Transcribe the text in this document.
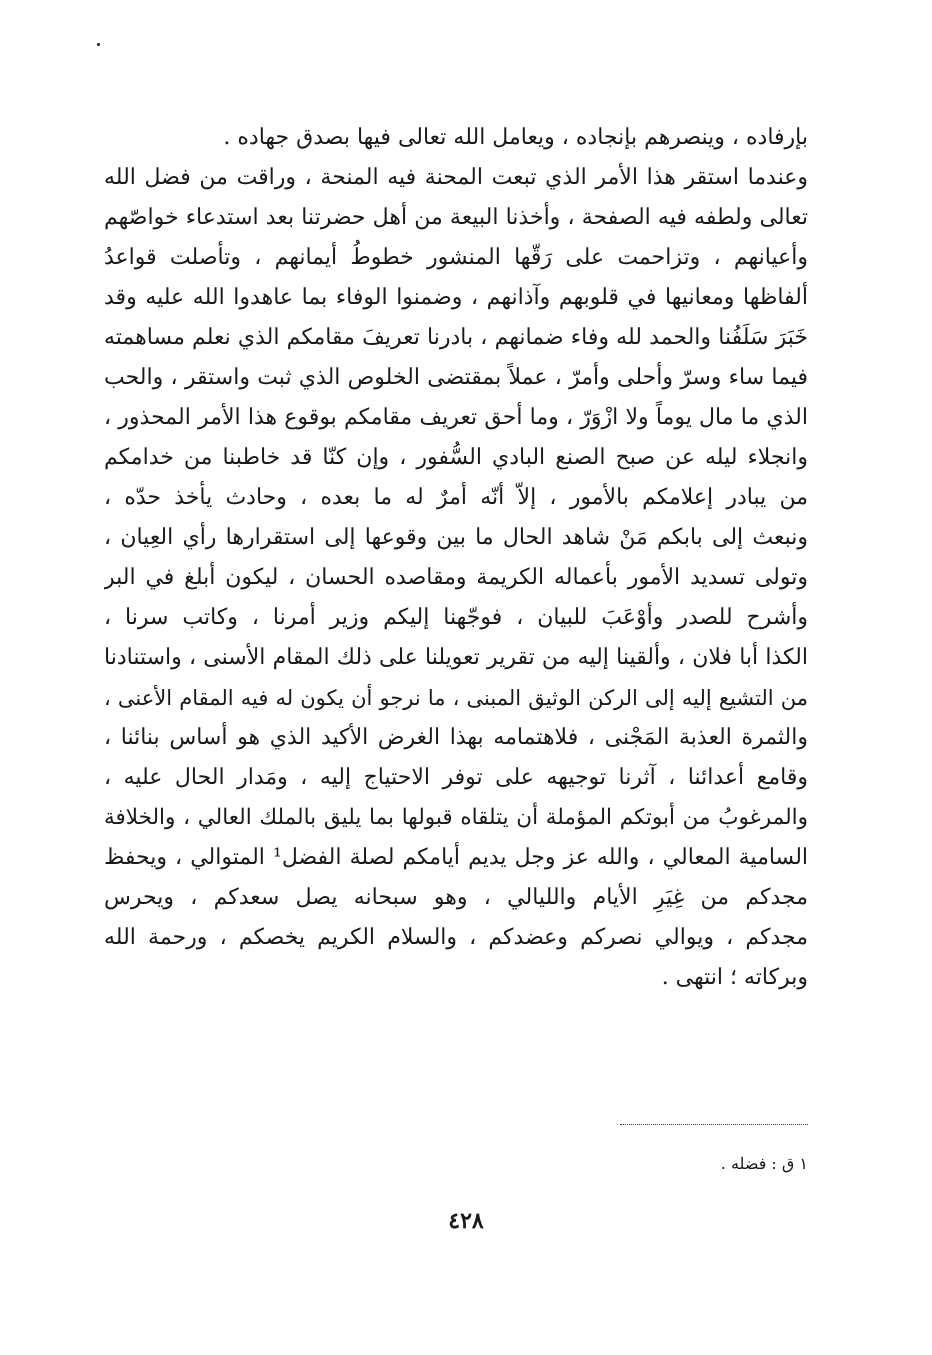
بإرفاده ، وينصرهم بإنجاده ، ويعامل الله تعالى فيها بصدق جهاده .
وعندما استقر هذا الأمر الذي تبعت المحنة فيه المنحة ، وراقت من فضل الله
تعالى ولطفه فيه الصفحة ، وأخذنا البيعة من أهل حضرتنا بعد استدعاء خواصّهم
وأعيانهم ، وتزاحمت على رَقّها المنشور خطوطُ أيمانهم ، وتأصلت قواعدُ
ألفاظها ومعانيها في قلوبهم وآذانهم ، وضمنوا الوفاء بما عاهدوا الله عليه وقد
خَبَرَ سَلَفُنا والحمد لله وفاء ضمانهم ، بادرنا تعريفَ مقامكم الذي نعلم مساهمته
فيما ساء وسرّ وأحلى وأمرّ ، عملاً بمقتضى الخلوص الذي ثبت واستقر ، والحب
الذي ما مال يوماً ولا ازْوَرّ ، وما أحق تعريف مقامكم بوقوع هذا الأمر المحذور ،
وانجلاء ليله عن صبح الصنع البادي السُّفور ، وإن كنّا قد خاطبنا من خدامكم
من يبادر إعلامكم بالأمور ، إلاّ أنّه أمرٌ له ما بعده ، وحادث يأخذ حدّه ،
ونبعث إلى بابكم مَنْ شاهد الحال ما بين وقوعها إلى استقرارها رأي العِيان ،
وتولى تسديد الأمور بأعماله الكريمة ومقاصده الحسان ، ليكون أبلغ في البر
وأشرح للصدر وأوْعَبَ للبيان ، فوجّهنا إليكم وزير أمرنا ، وكاتب سرنا ،
الكذا أبا فلان ، وألقينا إليه من تقرير تعويلنا على ذلك المقام الأسنى ، واستنادنا
من التشيع إليه إلى الركن الوثيق المبنى ، ما نرجو أن يكون له فيه المقام الأعنى ،
والثمرة العذبة المَجْنى ، فلاهتمامه بهذا الغرض الأكيد الذي هو أساس بنائنا ،
وقامع أعدائنا ، آثرنا توجيهه على توفر الاحتياج إليه ، ومَدار الحال عليه ،
والمرغوبُ من أبوتكم المؤملة أن يتلقاه قبولها بما يليق بالملك العالي ، والخلافة
السامية المعالي ، والله عز وجل يديم أيامكم لصلة الفضل¹ المتوالي ، ويحفظ
مجدكم من غِيَرِ الأيام والليالي ، وهو سبحانه يصل سعدكم ، ويحرس
مجدكم ، ويوالي نصركم وعضدكم ، والسلام الكريم يخصكم ، ورحمة الله
وبركاته ؛ انتهى .
١ ق : فضله .
٤٢٨
